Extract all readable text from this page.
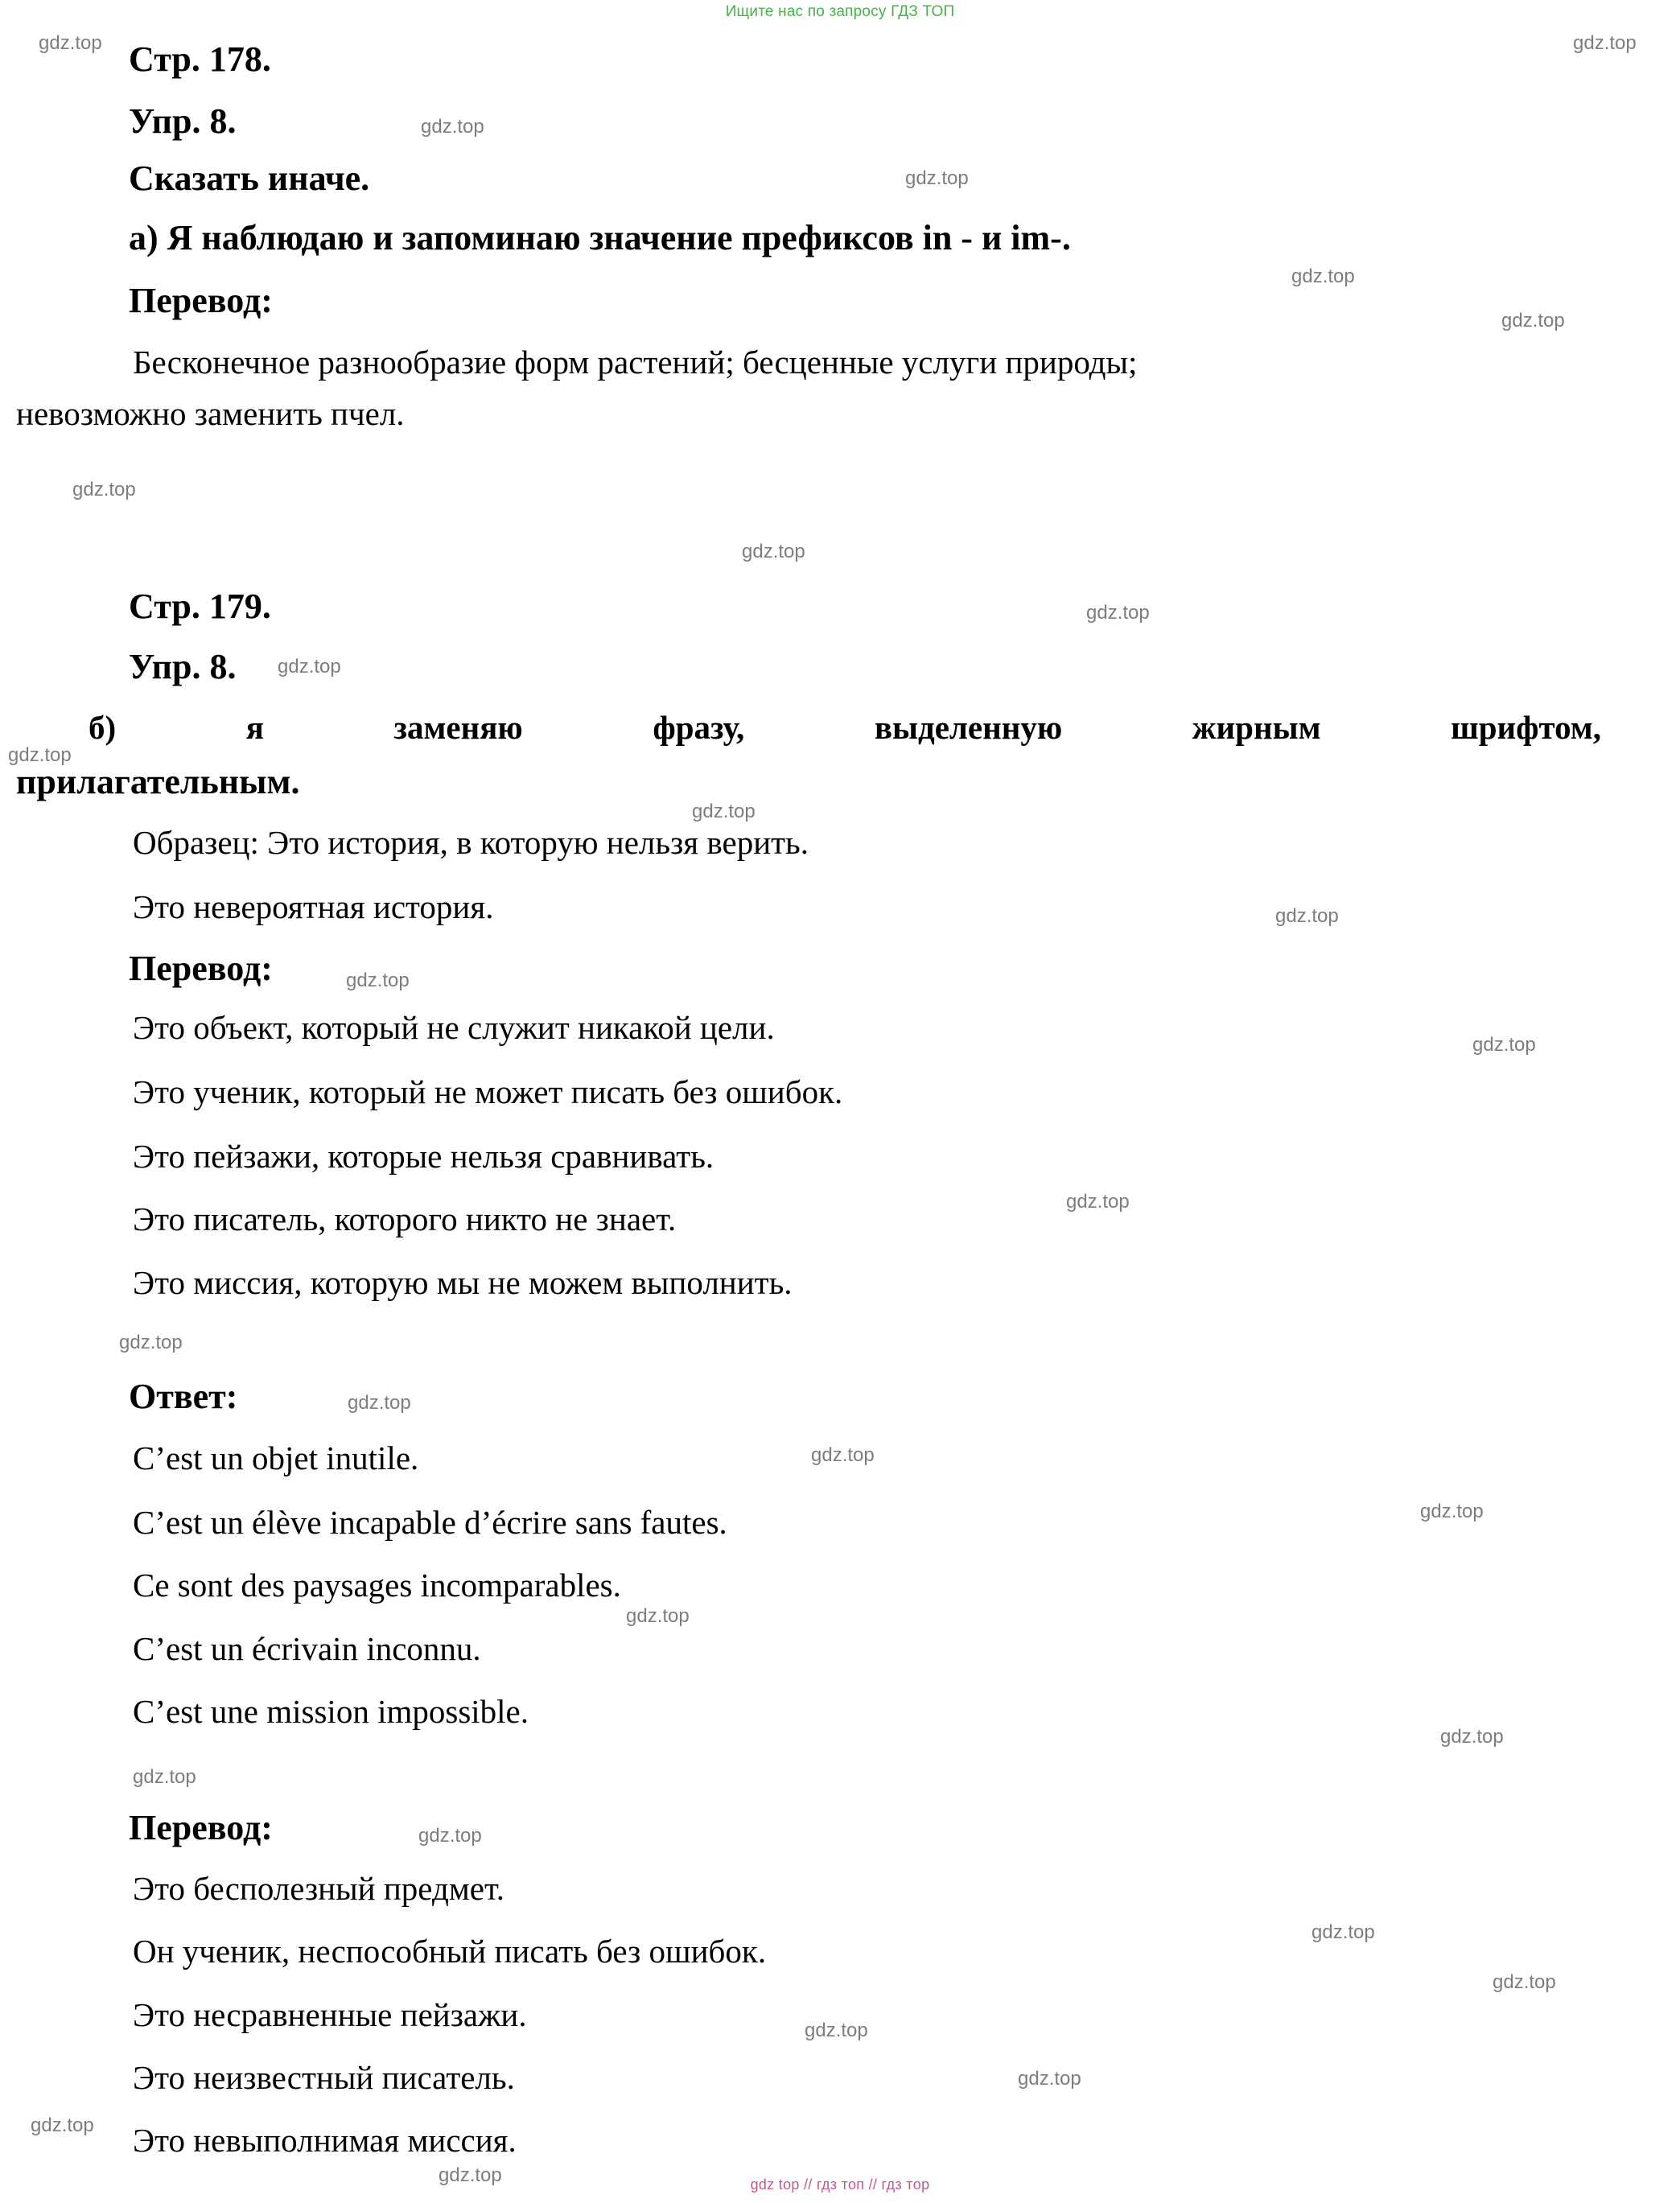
Ищите нас по запросу ГДЗ ТОП
gdz.top	gdz.top
gdz.top
gdz.top
gdz.top
gdz.top
gdz.top
gdz.top
gdz.top
gdz.top
gdz.top
gdz.top
gdz.top
gdz.top
gdz.top
gdz.top
gdz.top
gdz.top
gdz.top
gdz.top
gdz.top
gdz.top
gdz.top
gdz.top
gdz.top
gdz.top
gdz.top
gdz.top
gdz.top
gdz.top
Стр. 178.
Упр. 8.
Сказать иначе.
а) Я наблюдаю и запоминаю значение префиксов in - и im-.
Перевод:
Бесконечное разнообразие форм растений; бесценные услуги природы;
невозможно заменить пчел.
Стр. 179.
Упр. 8.
б) я заменяю фразу, выделенную жирным шрифтом,
прилагательным.
Образец: Это история, в которую нельзя верить.
Это невероятная история.
Перевод:
Это объект, который не служит никакой цели.
Это ученик, который не может писать без ошибок.
Это пейзажи, которые нельзя сравнивать.
Это писатель, которого никто не знает.
Это миссия, которую мы не можем выполнить.
Ответ:
C’est un objet inutile.
C’est un élève incapable d’écrire sans fautes.
Ce sont des paysages incomparables.
C’est un écrivain inconnu.
C’est une mission impossible.
Перевод:
Это бесполезный предмет.
Он ученик, неспособный писать без ошибок.
Это несравненные пейзажи.
Это неизвестный писатель.
Это невыполнимая миссия.
gdz top // гдз топ // гдз тoр
